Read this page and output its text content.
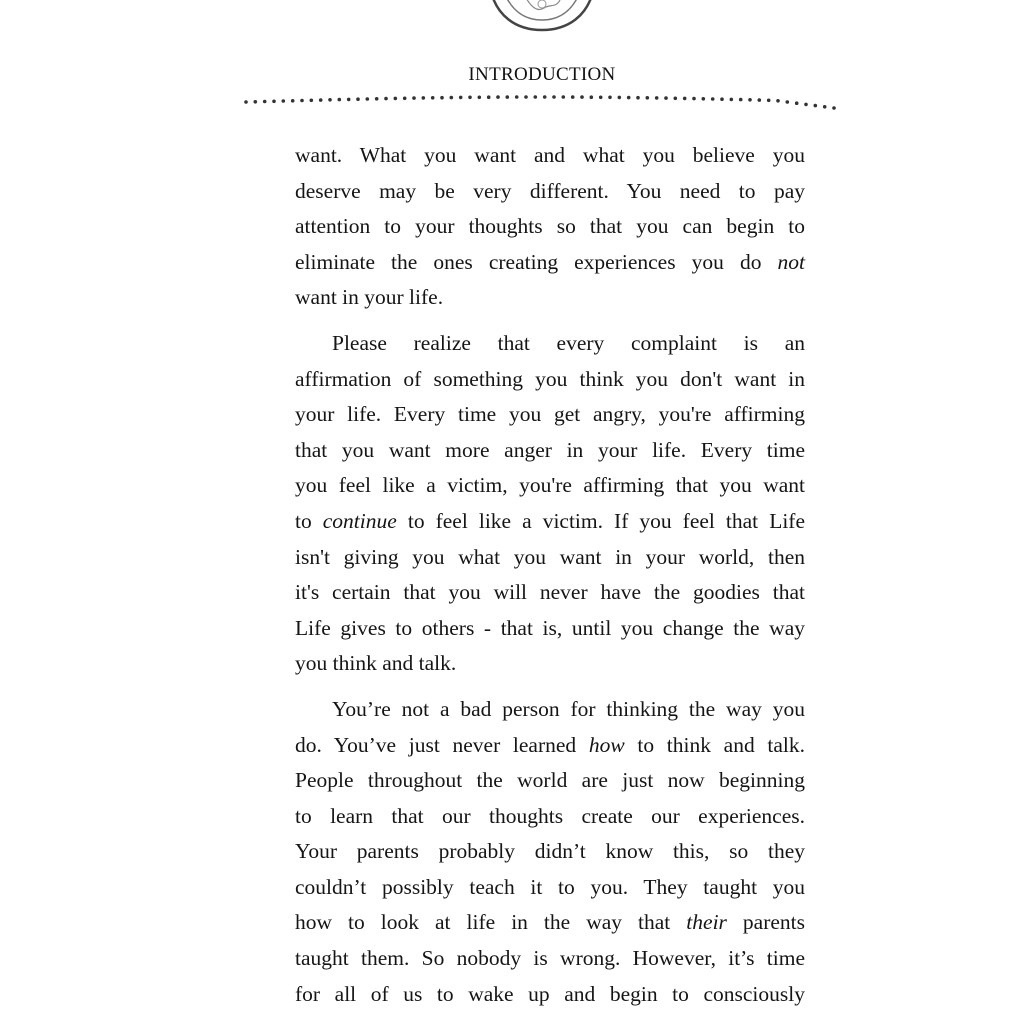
INTRODUCTION

want. What you want and what you believe you
deserve may be very different. You need to pay
attention to your thoughts so that you can begin to
eliminate the ones creating experiences you do not
want in your life.

Please realize that every complaint is an
affirmation of something you think you don't want in
your life. Every time you get angry, you're affirming
that you want more anger in your life. Every time
you feel like a victim, you're affirming that you want
to continue to feel like a victim. If you feel that Life
isn't giving you what you want in your world, then
it's certain that you will never have the goodies that
Life gives to others - that is, until you change the way
you think and talk.

You’re not a bad person for thinking the way you
do. You’ve just never learned how to think and talk.
People throughout the world are just now beginning
to learn that our thoughts create our experiences.
Your parents probably didn’t know this, so they
couldn’t possibly teach it to you. They taught you
how to look at life in the way that their parents
taught them. So nobody is wrong. However, it’s time
for all of us to wake up and begin to consciously
